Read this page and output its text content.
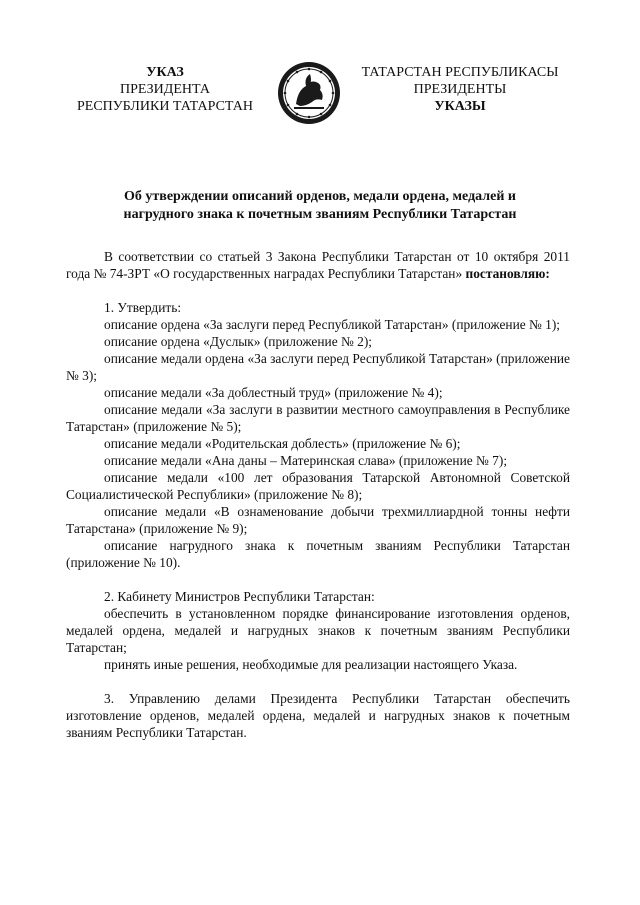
УКАЗ
ПРЕЗИДЕНТА
РЕСПУБЛИКИ ТАТАРСТАН
ТАТАРСТАН РЕСПУБЛИКАСЫ
ПРЕЗИДЕНТЫ
УКАЗЫ
Об утверждении описаний орденов, медали ордена, медалей и
нагрудного знака к почетным званиям Республики Татарстан

В соответствии со статьей 3 Закона Республики Татарстан от 10 октября 2011 года № 74-ЗРТ «О государственных наградах Республики Татарстан» постановляю:

1. Утвердить:

описание ордена «За заслуги перед Республикой Татарстан» (приложение № 1);

описание ордена «Дуслык» (приложение № 2);

описание медали ордена «За заслуги перед Республикой Татарстан» (приложение № 3);

описание медали «За доблестный труд» (приложение № 4);

описание медали «За заслуги в развитии местного самоуправления в Республике Татарстан» (приложение № 5);

описание медали «Родительская доблесть» (приложение № 6);

описание медали «Ана даны – Материнская слава» (приложение № 7);

описание медали «100 лет образования Татарской Автономной Советской Социалистической Республики» (приложение № 8);

описание медали «В ознаменование добычи трехмиллиардной тонны нефти Татарстана» (приложение № 9);

описание нагрудного знака к почетным званиям Республики Татарстан (приложение № 10).

2. Кабинету Министров Республики Татарстан:

обеспечить в установленном порядке финансирование изготовления орденов, медалей ордена, медалей и нагрудных знаков к почетным званиям Республики Татарстан;

принять иные решения, необходимые для реализации настоящего Указа.

3. Управлению делами Президента Республики Татарстан обеспечить изготовление орденов, медалей ордена, медалей и нагрудных знаков к почетным званиям Республики Татарстан.
